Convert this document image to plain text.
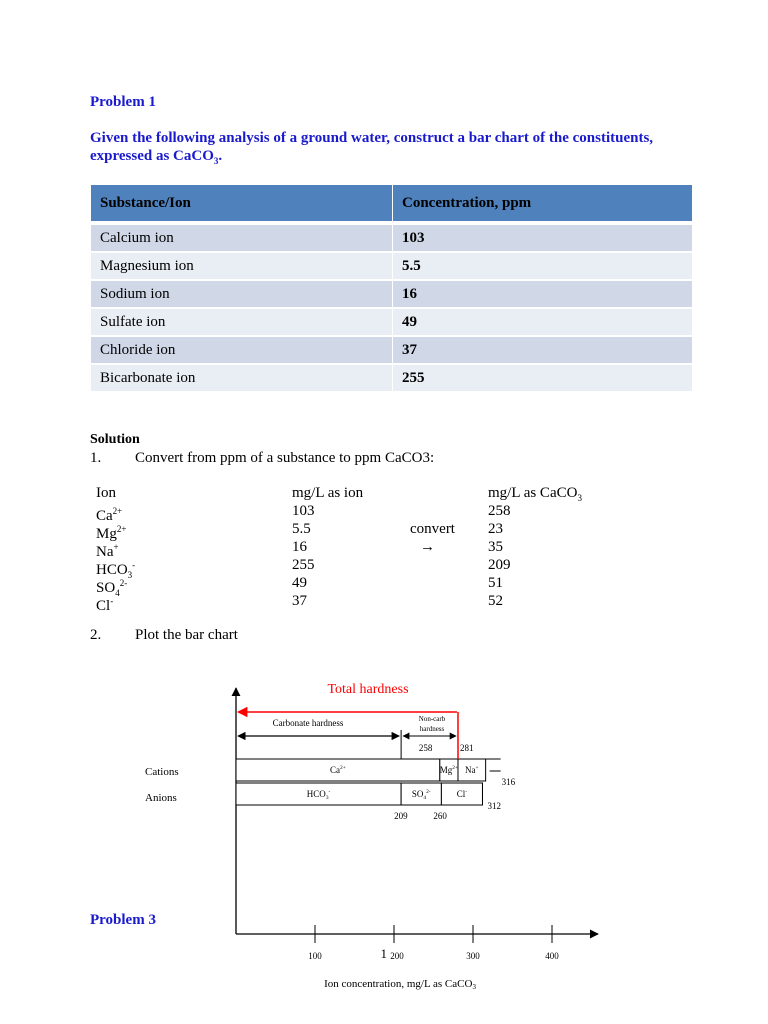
Problem 1
Given the following analysis of a ground water, construct a bar chart of the constituents, expressed as CaCO$_3$.
Substance/Ion	Concentration, ppm

Calcium ion	103
Magnesium ion	5.5
Sodium ion	16
Sulfate ion	49
Chloride ion	37
Bicarbonate ion	255
Solution
1. Convert from ppm of a substance to ppm CaCO3:
Ion	mg/L as ion	mg/L as CaCO$_3$
$Ca^{2+}$	103	258
$Mg^{2+}$	5.5	23
convert
Na+	16	35
→
$HCO_3^-$	255	209
$SO_4^{2-}$	49	51
Cl-	37	52
2. Plot the bar chart
100	200	300	400
1
Ion concentration, mg/L as CaCO3
Cations
Anions
$Ca^{2+}$	$Mg^{2+}$ Na+
$HCO_3^-$	$SO_4^{2-}$	Cl-
258	281
316
209	260
312
Total hardness
Carbonate hardness	Non-carb
hardness
Problem 3
